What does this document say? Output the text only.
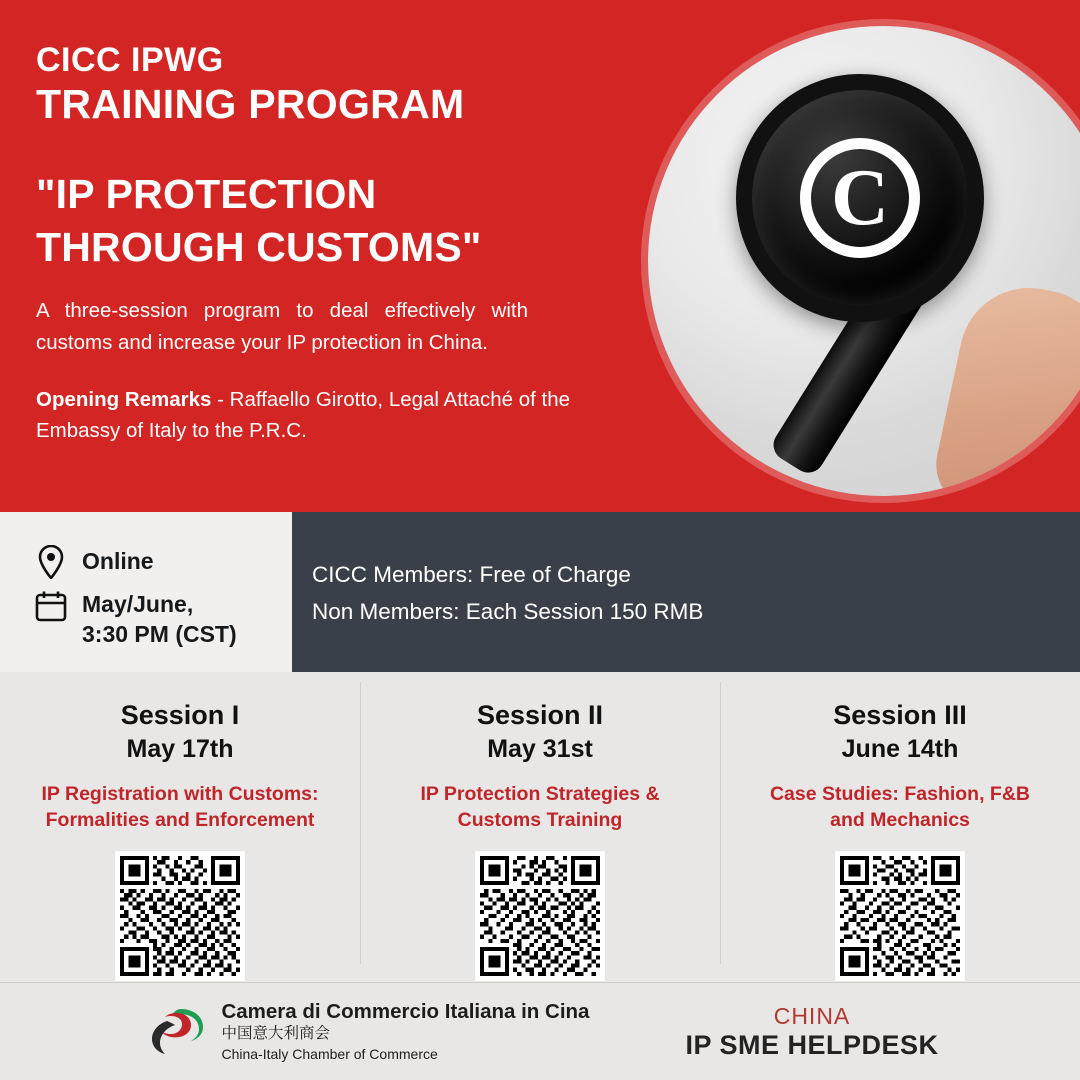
CICC IPWG
TRAINING PROGRAM
"IP PROTECTION
THROUGH CUSTOMS"
A three-session program to deal effectively with customs and increase your IP protection in China.
Opening Remarks - Raffaello Girotto, Legal Attaché of the Embassy of Italy to the P.R.C.
C
Online
May/June,
3:30 PM (CST)
CICC Members: Free of Charge
Non Members: Each Session 150 RMB
Session I
May 17th
IP Registration with Customs: Formalities and Enforcement
Session II
May 31st
IP Protection Strategies & Customs Training
Session III
June 14th
Case Studies: Fashion, F&B and Mechanics
Camera di Commercio Italiana in Cina
中国意大利商会
China-Italy Chamber of Commerce
CHINA
IP SME HELPDESK
